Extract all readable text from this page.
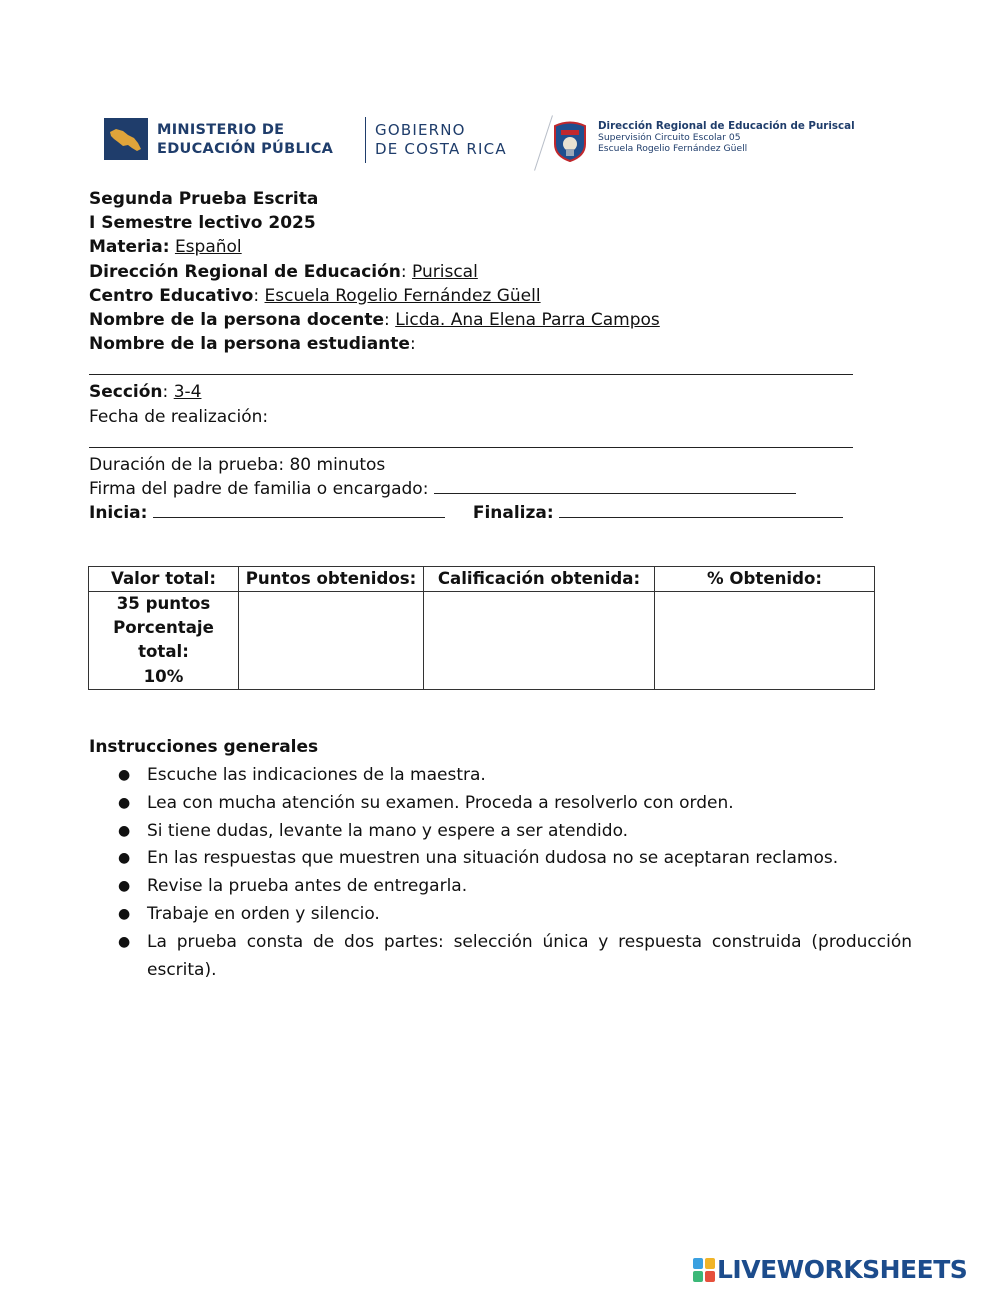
MINISTERIO DE
EDUCACIÓN PÚBLICA
GOBIERNO
DE COSTA RICA
Dirección Regional de Educación de Puriscal
Supervisión Circuito Escolar 05
Escuela Rogelio Fernández Güell
Segunda Prueba Escrita
I Semestre lectivo 2025
Materia: Español
Dirección Regional de Educación: Puriscal
Centro Educativo: Escuela Rogelio Fernández Güell
Nombre de la persona docente: Licda. Ana Elena Parra Campos
Nombre de la persona estudiante:
Sección: 3-4
Fecha de realización:
Duración de la prueba: 80 minutos
Firma del padre de familia o encargado:
Inicia:	Finaliza:
Valor total:	Puntos obtenidos:	Calificación obtenida:	% Obtenido:

35 puntos
Porcentaje
total:
10%			

Instrucciones generales
● Escuche las indicaciones de la maestra.
● Lea con mucha atención su examen. Proceda a resolverlo con orden.
● Si tiene dudas, levante la mano y espere a ser atendido.
● En las respuestas que muestren una situación dudosa no se aceptaran reclamos.
● Revise la prueba antes de entregarla.
● Trabaje en orden y silencio.
● La prueba consta de dos partes: selección única y respuesta construida (producción escrita).
LIVEWORKSHEETS
